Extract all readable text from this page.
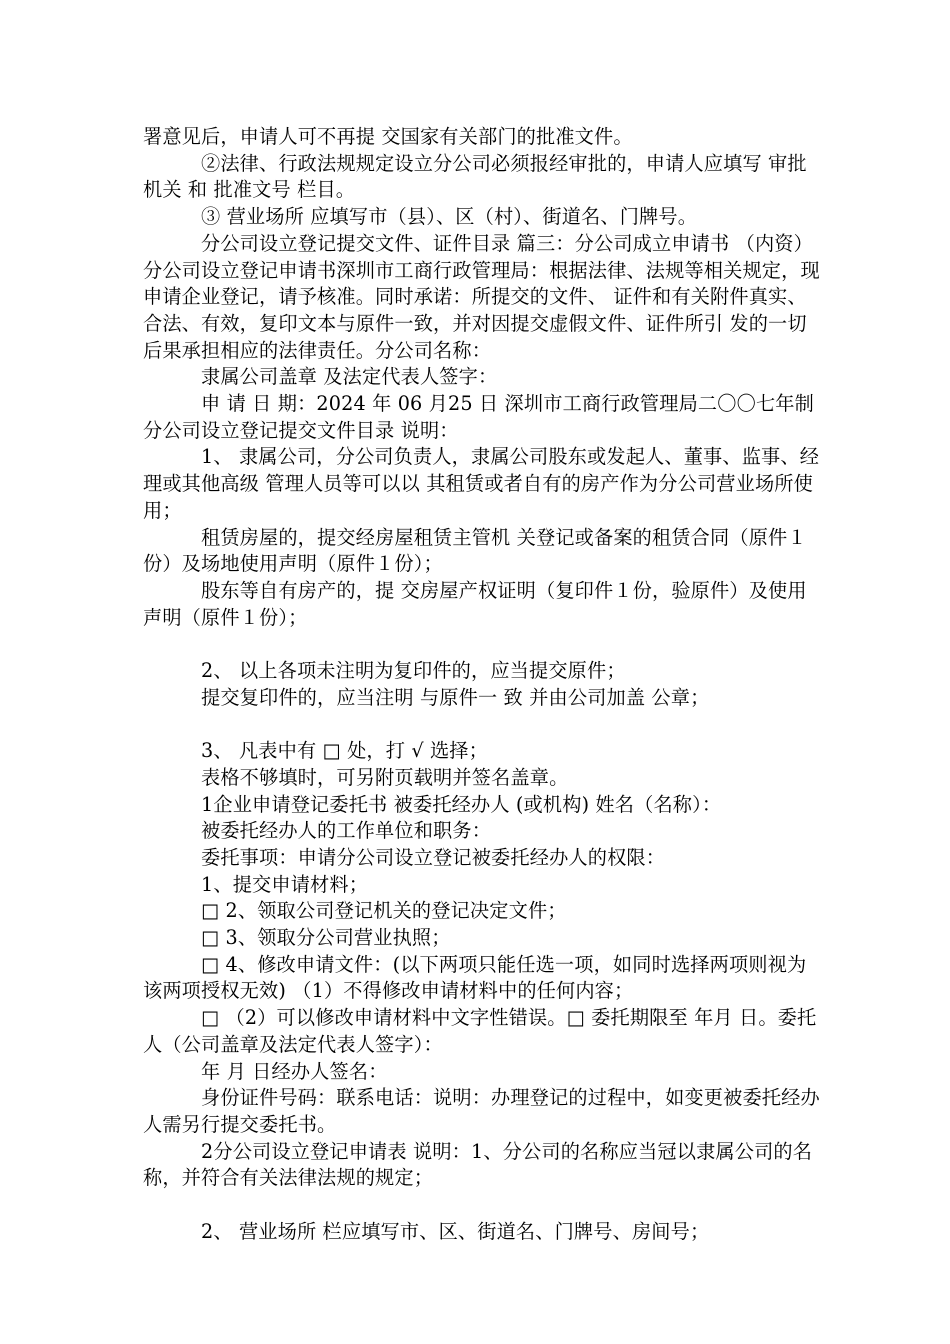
署意见后，申请人可不再提 交国家有关部门的批准文件。

②法律、行政法规规定设立分公司必须报经审批的，申请人应填写 审批机关 和 批准文号 栏目。

③ 营业场所 应填写市（县）、区（村）、街道名、门牌号。

分公司设立登记提交文件、证件目录 篇三：分公司成立申请书 （内资）分公司设立登记申请书深圳市工商行政管理局：根据法律、法规等相关规定，现申请企业登记，请予核准。同时承诺：所提交的文件、 证件和有关附件真实、合法、有效，复印文本与原件一致，并对因提交虚假文件、证件所引 发的一切后果承担相应的法律责任。分公司名称：

隶属公司盖章 及法定代表人签字：

申 请 日 期：2024 年 06 月25 日 深圳市工商行政管理局二〇〇七年制 分公司设立登记提交文件目录 说明：

1、 隶属公司，分公司负责人，隶属公司股东或发起人、董事、监事、经理或其他高级 管理人员等可以以 其租赁或者自有的房产作为分公司营业场所使用；

租赁房屋的，提交经房屋租赁主管机 关登记或备案的租赁合同（原件１份）及场地使用声明（原件１份）；

股东等自有房产的，提 交房屋产权证明（复印件１份，验原件）及使用声明（原件１份）；

2、 以上各项未注明为复印件的，应当提交原件；

提交复印件的，应当注明 与原件一 致 并由公司加盖 公章；

3、 凡表中有 □ 处，打 √ 选择；

表格不够填时，可另附页载明并签名盖章。

1企业申请登记委托书 被委托经办人 (或机构) 姓名（名称）：

被委托经办人的工作单位和职务：

委托事项：申请分公司设立登记被委托经办人的权限：

1、提交申请材料；

□ 2、领取公司登记机关的登记决定文件；

□ 3、领取分公司营业执照；

□ 4、修改申请文件：(以下两项只能任选一项，如同时选择两项则视为该两项授权无效) （1）不得修改申请材料中的任何内容；

□ （2）可以修改申请材料中文字性错误。□ 委托期限至 年月 日。委托人（公司盖章及法定代表人签字）：

年 月 日经办人签名：

身份证件号码：联系电话：说明：办理登记的过程中，如变更被委托经办人需另行提交委托书。

2分公司设立登记申请表 说明：1、分公司的名称应当冠以隶属公司的名称，并符合有关法律法规的规定；

2、 营业场所 栏应填写市、区、街道名、门牌号、房间号；
